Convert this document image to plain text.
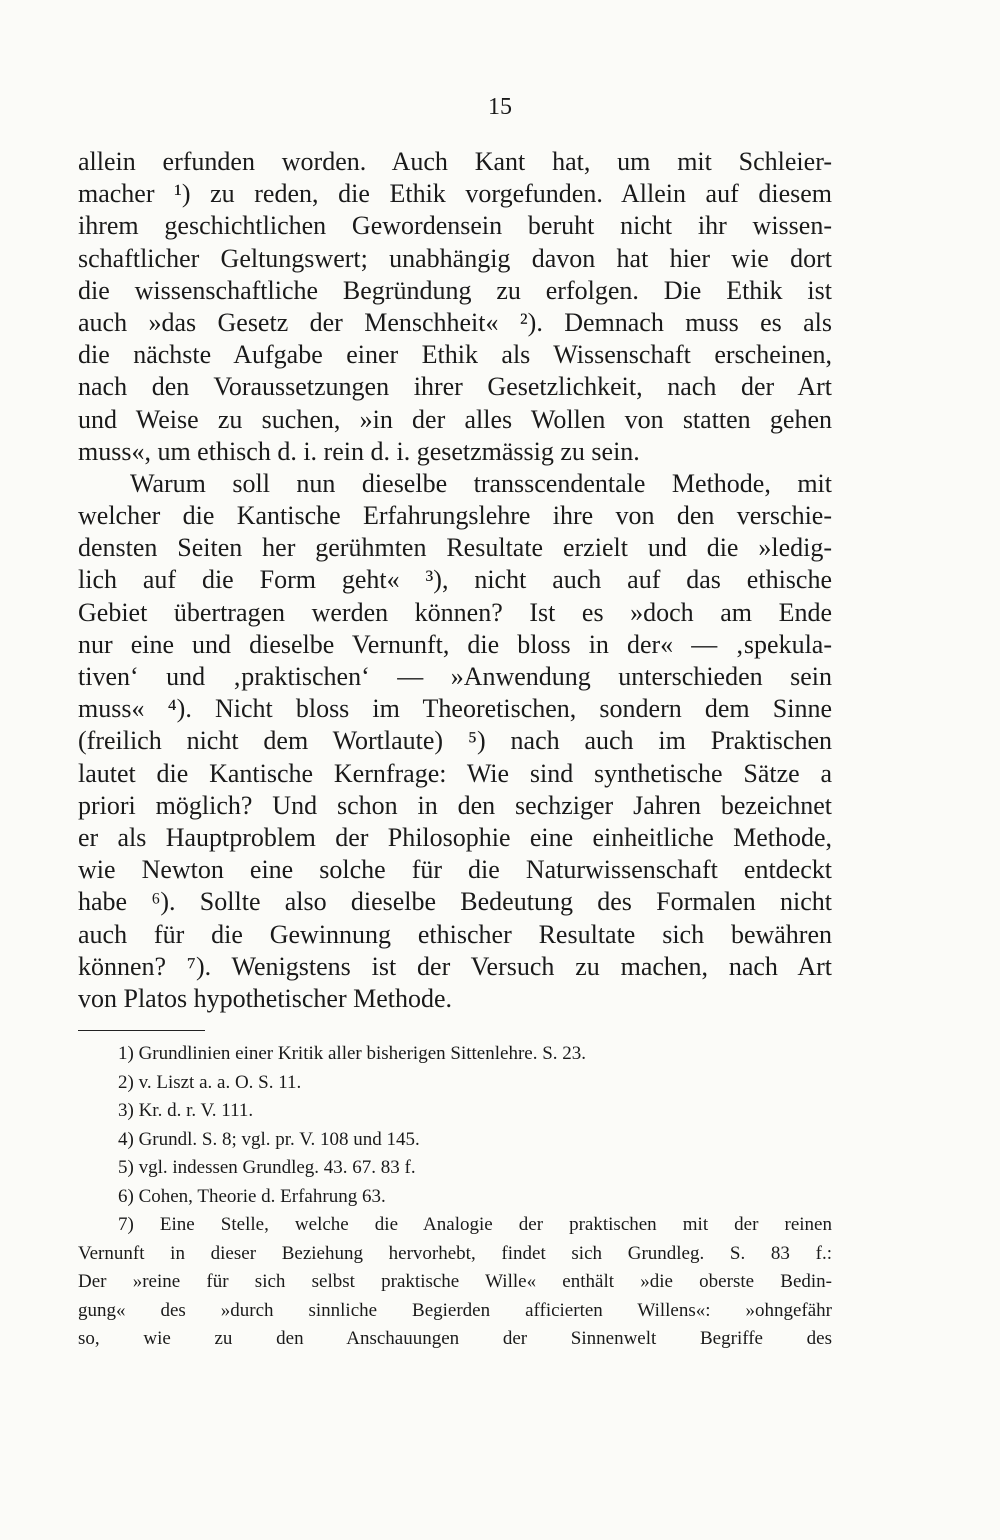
15
allein erfunden worden. Auch Kant hat, um mit Schleier-
macher ¹) zu reden, die Ethik vorgefunden. Allein auf diesem
ihrem geschichtlichen Gewordensein beruht nicht ihr wissen-
schaftlicher Geltungswert; unabhängig davon hat hier wie dort
die wissenschaftliche Begründung zu erfolgen. Die Ethik ist
auch »das Gesetz der Menschheit« ²). Demnach muss es als
die nächste Aufgabe einer Ethik als Wissenschaft erscheinen,
nach den Voraussetzungen ihrer Gesetzlichkeit, nach der Art
und Weise zu suchen, »in der alles Wollen von statten gehen
muss«, um ethisch d. i. rein d. i. gesetzmässig zu sein.
Warum soll nun dieselbe transscendentale Methode, mit
welcher die Kantische Erfahrungslehre ihre von den verschie-
densten Seiten her gerühmten Resultate erzielt und die »ledig-
lich auf die Form geht« ³), nicht auch auf das ethische
Gebiet übertragen werden können? Ist es »doch am Ende
nur eine und dieselbe Vernunft, die bloss in der« — ‚spekula-
tiven‘ und ‚praktischen‘ — »Anwendung unterschieden sein
muss« ⁴). Nicht bloss im Theoretischen, sondern dem Sinne
(freilich nicht dem Wortlaute) ⁵) nach auch im Praktischen
lautet die Kantische Kernfrage: Wie sind synthetische Sätze a
priori möglich? Und schon in den sechziger Jahren bezeichnet
er als Hauptproblem der Philosophie eine einheitliche Methode,
wie Newton eine solche für die Naturwissenschaft entdeckt
habe ⁶). Sollte also dieselbe Bedeutung des Formalen nicht
auch für die Gewinnung ethischer Resultate sich bewähren
können? ⁷). Wenigstens ist der Versuch zu machen, nach Art
von Platos hypothetischer Methode.
1) Grundlinien einer Kritik aller bisherigen Sittenlehre. S. 23.
2) v. Liszt a. a. O. S. 11.
3) Kr. d. r. V. 111.
4) Grundl. S. 8; vgl. pr. V. 108 und 145.
5) vgl. indessen Grundleg. 43. 67. 83 f.
6) Cohen, Theorie d. Erfahrung 63.
7) Eine Stelle, welche die Analogie der praktischen mit der reinen
Vernunft in dieser Beziehung hervorhebt, findet sich Grundleg. S. 83 f.:
Der »reine für sich selbst praktische Wille« enthält »die oberste Bedin-
gung« des »durch sinnliche Begierden afficierten Willens«: »ohngefähr
so, wie zu den Anschauungen der Sinnenwelt Begriffe des
